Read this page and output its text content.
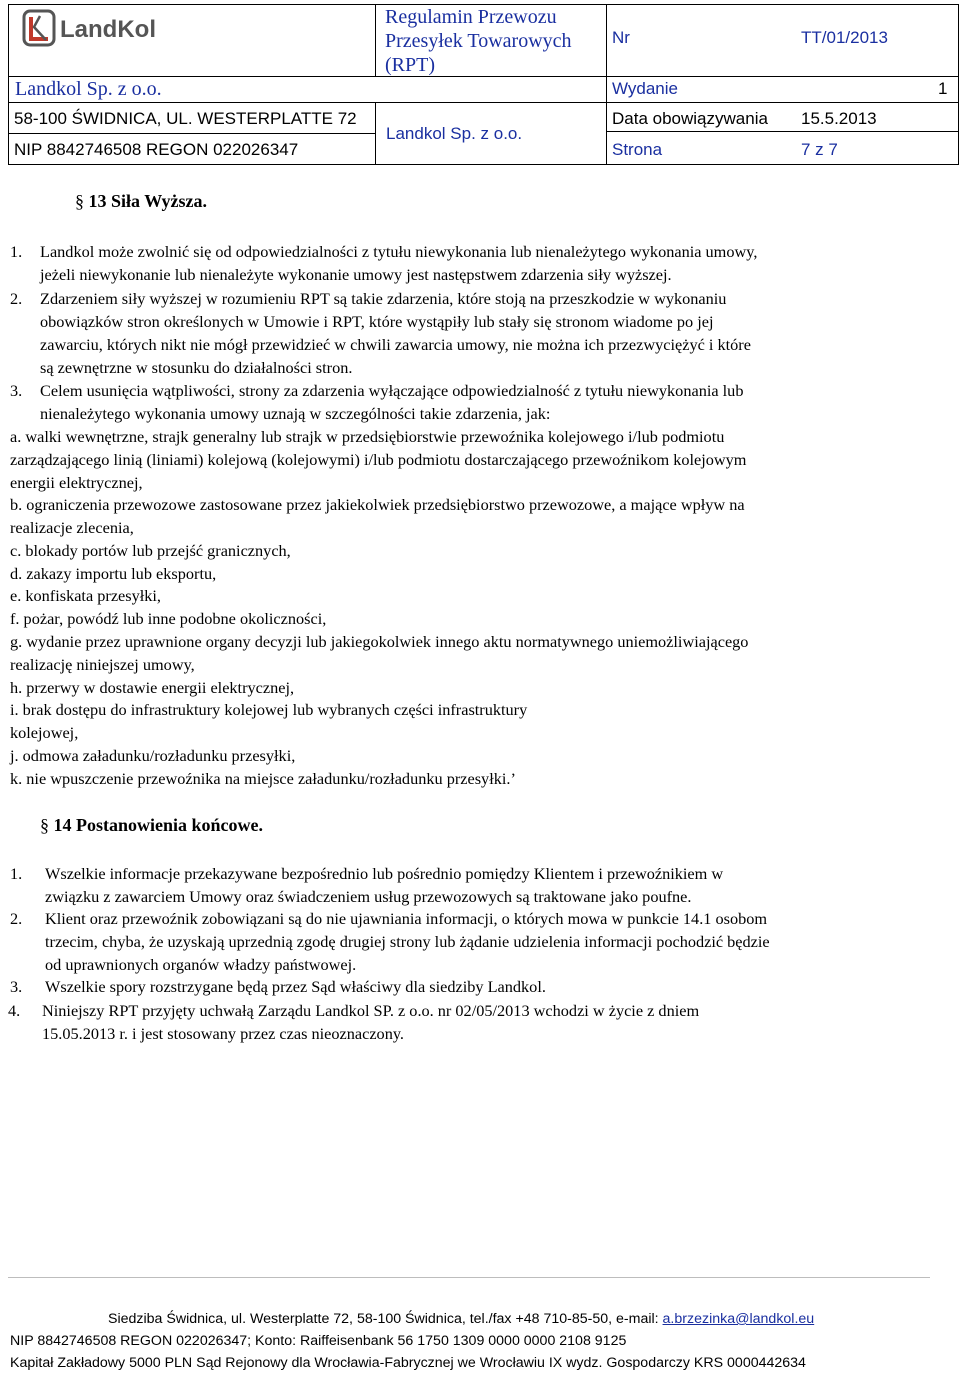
LandKol	Regulamin Przewozu
Przesyłek Towarowych
(RPT)
Nr	TT/01/2013
Landkol Sp. z o.o.	Wydanie	1
58-100 ŚWIDNICA, UL. WESTERPLATTE 72
Landkol Sp. z o.o.
Data obowiązywania 15.5.2013
NIP 8842746508 REGON 022026347	Strona	7 z 7
§ 13 Siła Wyższa.
1. Landkol może zwolnić się od odpowiedzialności z tytułu niewykonania lub nienależytego wykonania umowy,
jeżeli niewykonanie lub nienależyte wykonanie umowy jest następstwem zdarzenia siły wyższej.
2. Zdarzeniem siły wyższej w rozumieniu RPT są takie zdarzenia, które stoją na przeszkodzie w wykonaniu
obowiązków stron określonych w Umowie i RPT, które wystąpiły lub stały się stronom wiadome po jej
zawarciu, których nikt nie mógł przewidzieć w chwili zawarcia umowy, nie można ich przezwyciężyć i które
są zewnętrzne w stosunku do działalności stron.
3. Celem usunięcia wątpliwości, strony za zdarzenia wyłączające odpowiedzialność z tytułu niewykonania lub
nienależytego wykonania umowy uznają w szczególności takie zdarzenia, jak:
a. walki wewnętrzne, strajk generalny lub strajk w przedsiębiorstwie przewoźnika kolejowego i/lub podmiotu
zarządzającego linią (liniami) kolejową (kolejowymi) i/lub podmiotu dostarczającego przewoźnikom kolejowym
energii elektrycznej,
b. ograniczenia przewozowe zastosowane przez jakiekolwiek przedsiębiorstwo przewozowe, a mające wpływ na
realizacje zlecenia,
c. blokady portów lub przejść granicznych,
d. zakazy importu lub eksportu,
e. konfiskata przesyłki,
f. pożar, powódź lub inne podobne okoliczności,
g. wydanie przez uprawnione organy decyzji lub jakiegokolwiek innego aktu normatywnego uniemożliwiającego
realizację niniejszej umowy,
h. przerwy w dostawie energii elektrycznej,
i. brak dostępu do infrastruktury kolejowej lub wybranych części infrastruktury
kolejowej,
j. odmowa załadunku/rozładunku przesyłki,
k. nie wpuszczenie przewoźnika na miejsce załadunku/rozładunku przesyłki.’
§ 14 Postanowienia końcowe.
1. Wszelkie informacje przekazywane bezpośrednio lub pośrednio pomiędzy Klientem i przewoźnikiem w
związku z zawarciem Umowy oraz świadczeniem usług przewozowych są traktowane jako poufne.
2. Klient oraz przewoźnik zobowiązani są do nie ujawniania informacji, o których mowa w punkcie 14.1 osobom
trzecim, chyba, że uzyskają uprzednią zgodę drugiej strony lub żądanie udzielenia informacji pochodzić będzie
od uprawnionych organów władzy państwowej.
3. Wszelkie spory rozstrzygane będą przez Sąd właściwy dla siedziby Landkol.
4. Niniejszy RPT przyjęty uchwałą Zarządu Landkol SP. z o.o. nr 02/05/2013 wchodzi w życie z dniem
15.05.2013 r. i jest stosowany przez czas nieoznaczony.
Siedziba Świdnica, ul. Westerplatte 72, 58-100 Świdnica, tel./fax +48 710-85-50, e-mail: a.brzezinka@landkol.eu
NIP 8842746508 REGON 022026347; Konto: Raiffeisenbank 56 1750 1309 0000 0000 2108 9125
Kapitał Zakładowy 5000 PLN Sąd Rejonowy dla Wrocławia-Fabrycznej we Wrocławiu IX wydz. Gospodarczy KRS 0000442634
